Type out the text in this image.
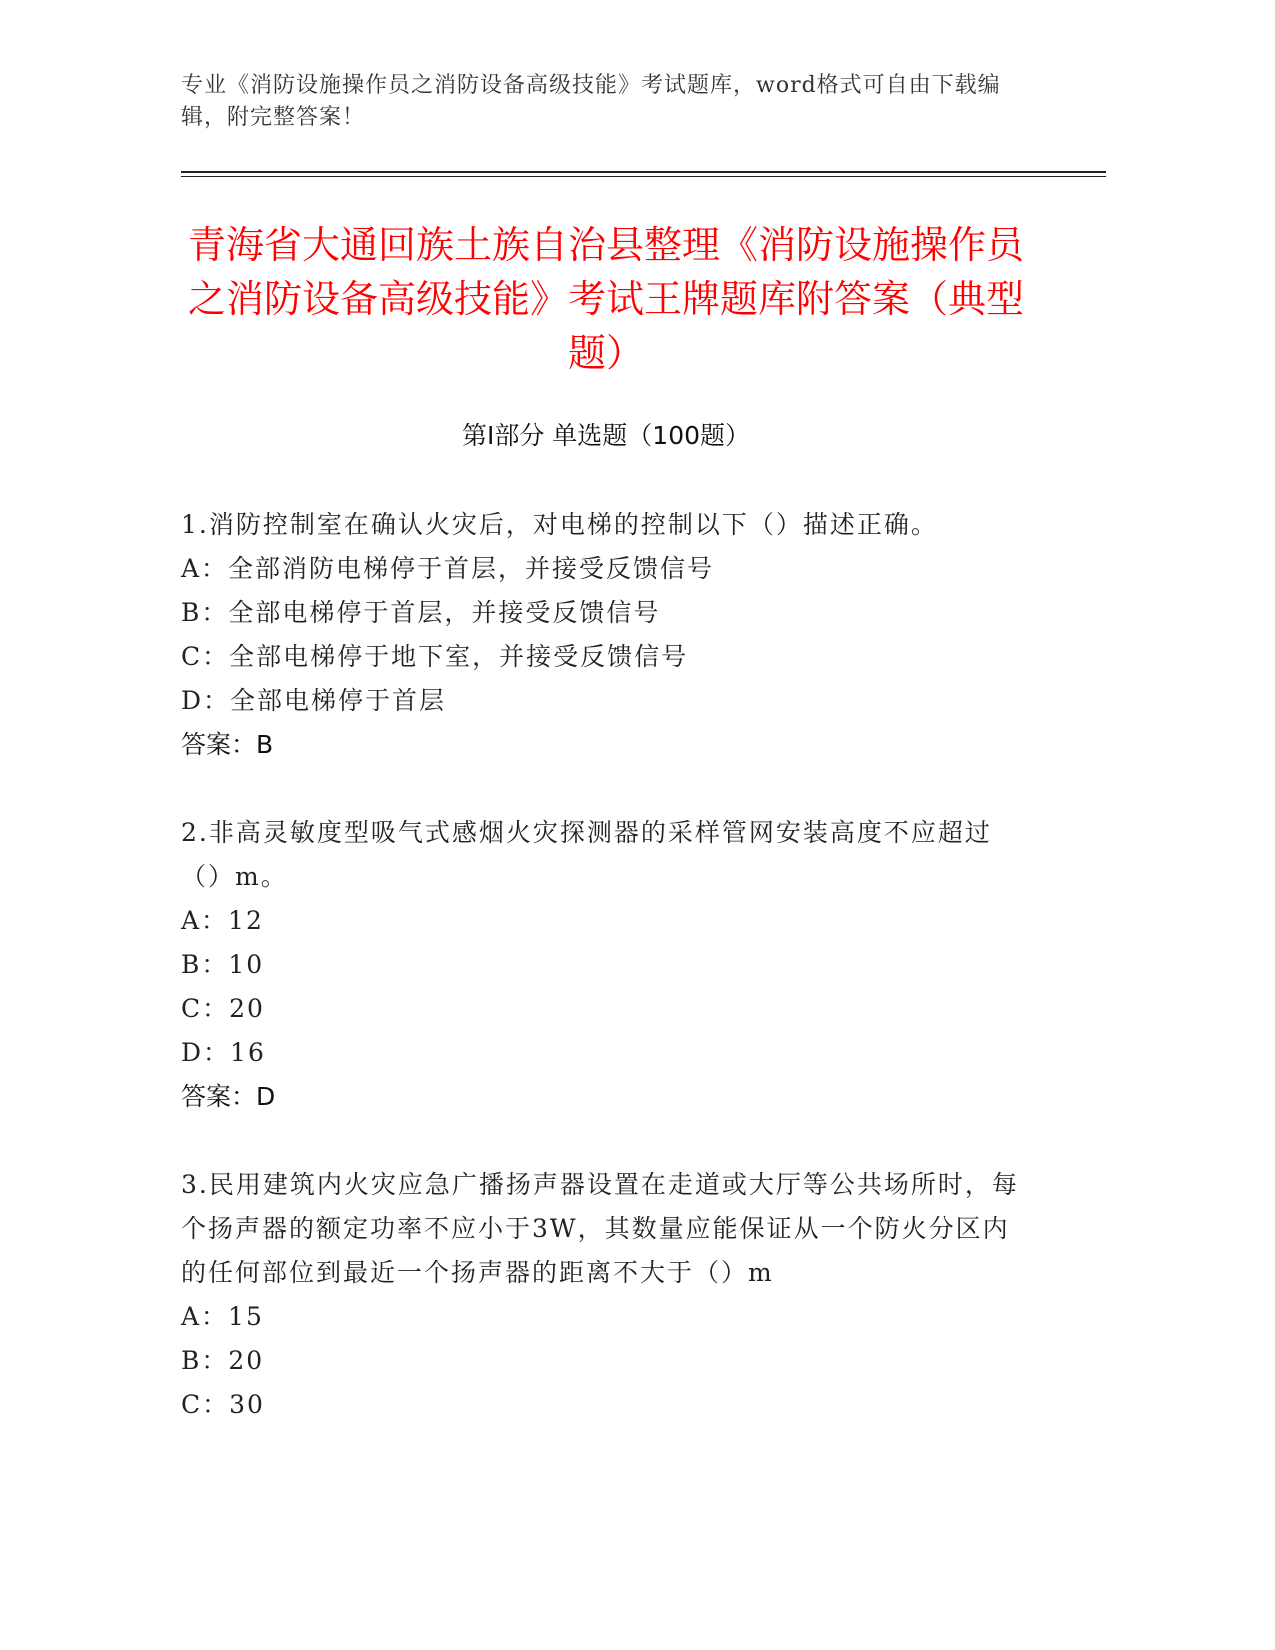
专业《消防设施操作员之消防设备高级技能》考试题库，word格式可自由下载编辑，附完整答案！
青海省大通回族土族自治县整理《消防设施操作员之消防设备高级技能》考试王牌题库附答案（典型题）
第I部分 单选题（100题）
1.消防控制室在确认火灾后，对电梯的控制以下（）描述正确。
A：全部消防电梯停于首层，并接受反馈信号
B：全部电梯停于首层，并接受反馈信号
C：全部电梯停于地下室，并接受反馈信号
D：全部电梯停于首层
答案：B
2.非高灵敏度型吸气式感烟火灾探测器的采样管网安装高度不应超过（）m。
A：12
B：10
C：20
D：16
答案：D
3.民用建筑内火灾应急广播扬声器设置在走道或大厅等公共场所时，每个扬声器的额定功率不应小于3W，其数量应能保证从一个防火分区内的任何部位到最近一个扬声器的距离不大于（）m
A：15
B：20
C：30
